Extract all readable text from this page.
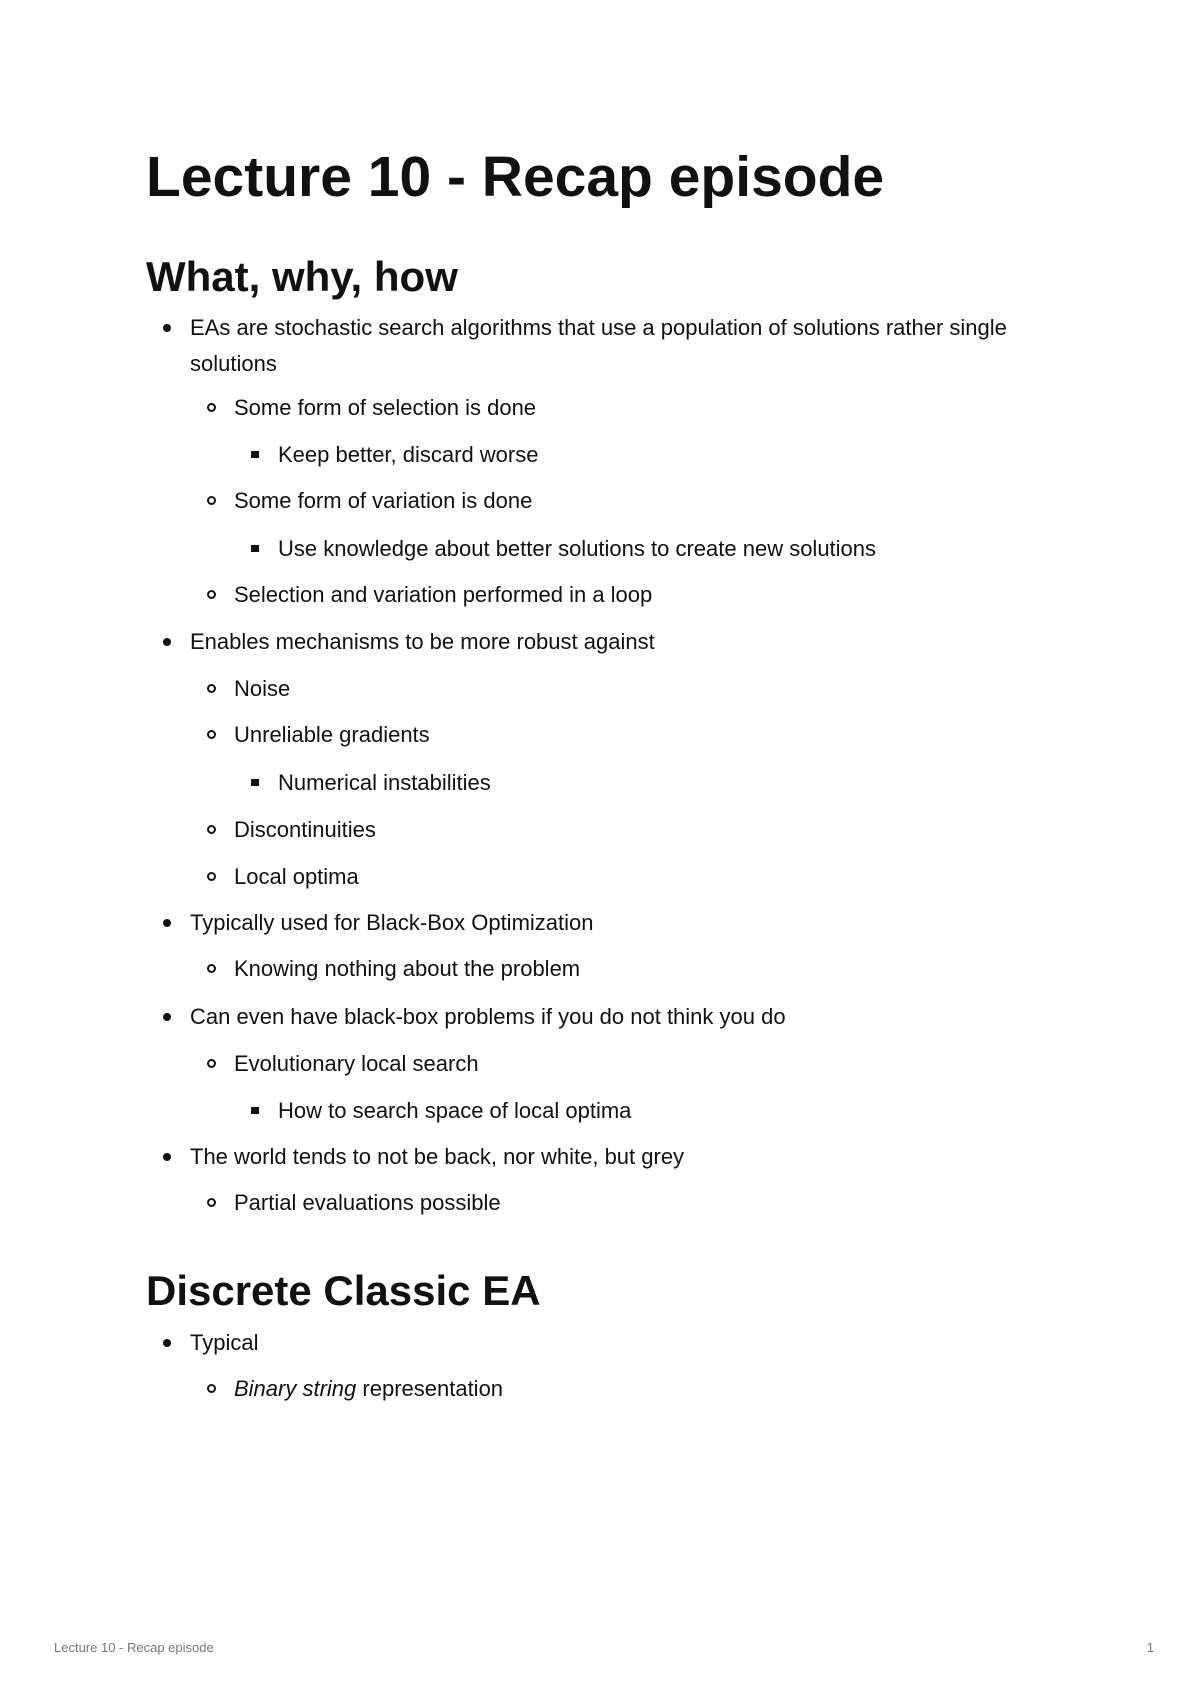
Lecture 10 - Recap episode
What, why, how
EAs are stochastic search algorithms that use a population of solutions rather single solutions
Some form of selection is done
Keep better, discard worse
Some form of variation is done
Use knowledge about better solutions to create new solutions
Selection and variation performed in a loop
Enables mechanisms to be more robust against
Noise
Unreliable gradients
Numerical instabilities
Discontinuities
Local optima
Typically used for Black-Box Optimization
Knowing nothing about the problem
Can even have black-box problems if you do not think you do
Evolutionary local search
How to search space of local optima
The world tends to not be back, nor white, but grey
Partial evaluations possible
Discrete Classic EA
Typical
Binary string representation
Lecture 10 - Recap episode	1
